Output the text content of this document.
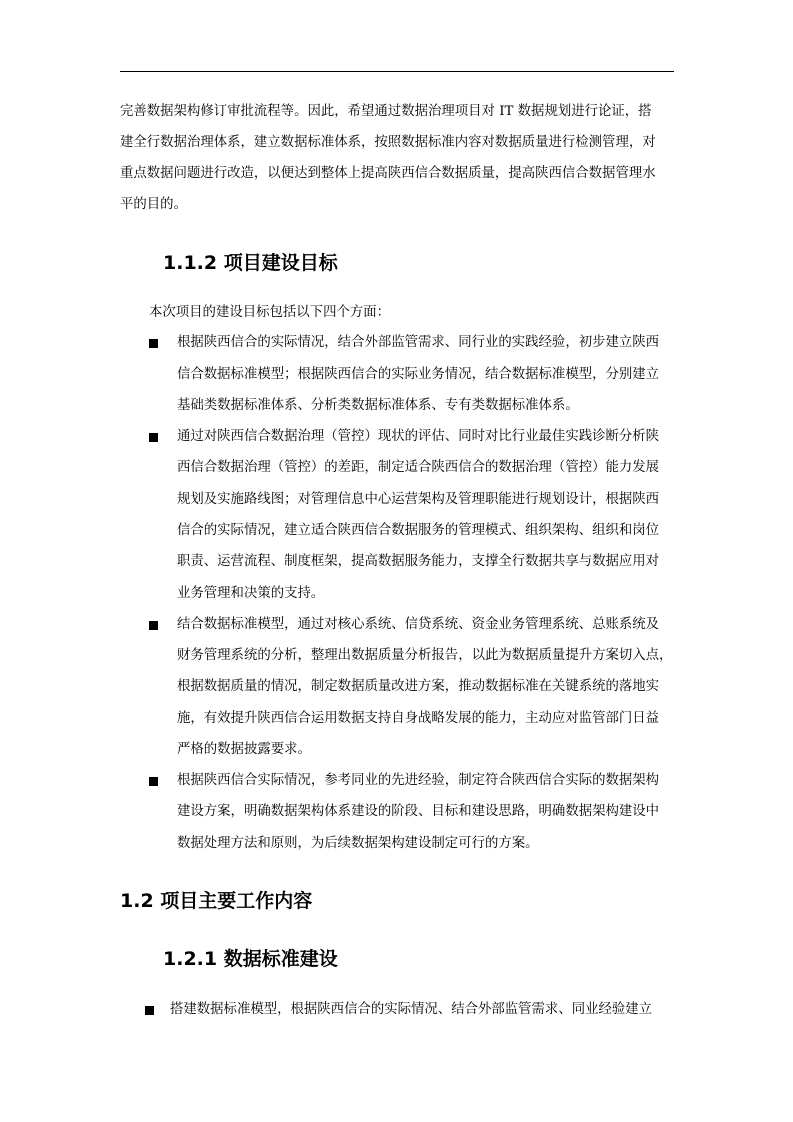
完善数据架构修订审批流程等。因此，希望通过数据治理项目对 IT 数据规划进行论证，搭
建全行数据治理体系，建立数据标准体系，按照数据标准内容对数据质量进行检测管理，对
重点数据问题进行改造，以便达到整体上提高陕西信合数据质量，提高陕西信合数据管理水
平的目的。
1.1.2 项目建设目标
本次项目的建设目标包括以下四个方面：
根据陕西信合的实际情况，结合外部监管需求、同行业的实践经验，初步建立陕西
信合数据标准模型；根据陕西信合的实际业务情况，结合数据标准模型，分别建立
基础类数据标准体系、分析类数据标准体系、专有类数据标准体系。
通过对陕西信合数据治理（管控）现状的评估、同时对比行业最佳实践诊断分析陕
西信合数据治理（管控）的差距，制定适合陕西信合的数据治理（管控）能力发展
规划及实施路线图；对管理信息中心运营架构及管理职能进行规划设计，根据陕西
信合的实际情况，建立适合陕西信合数据服务的管理模式、组织架构、组织和岗位
职责、运营流程、制度框架，提高数据服务能力，支撑全行数据共享与数据应用对
业务管理和决策的支持。
结合数据标准模型，通过对核心系统、信贷系统、资金业务管理系统、总账系统及
财务管理系统的分析，整理出数据质量分析报告，以此为数据质量提升方案切入点，
根据数据质量的情况，制定数据质量改进方案，推动数据标准在关键系统的落地实
施，有效提升陕西信合运用数据支持自身战略发展的能力，主动应对监管部门日益
严格的数据披露要求。
根据陕西信合实际情况，参考同业的先进经验，制定符合陕西信合实际的数据架构
建设方案，明确数据架构体系建设的阶段、目标和建设思路，明确数据架构建设中
数据处理方法和原则，为后续数据架构建设制定可行的方案。
1.2 项目主要工作内容
1.2.1 数据标准建设
搭建数据标准模型，根据陕西信合的实际情况、结合外部监管需求、同业经验建立
